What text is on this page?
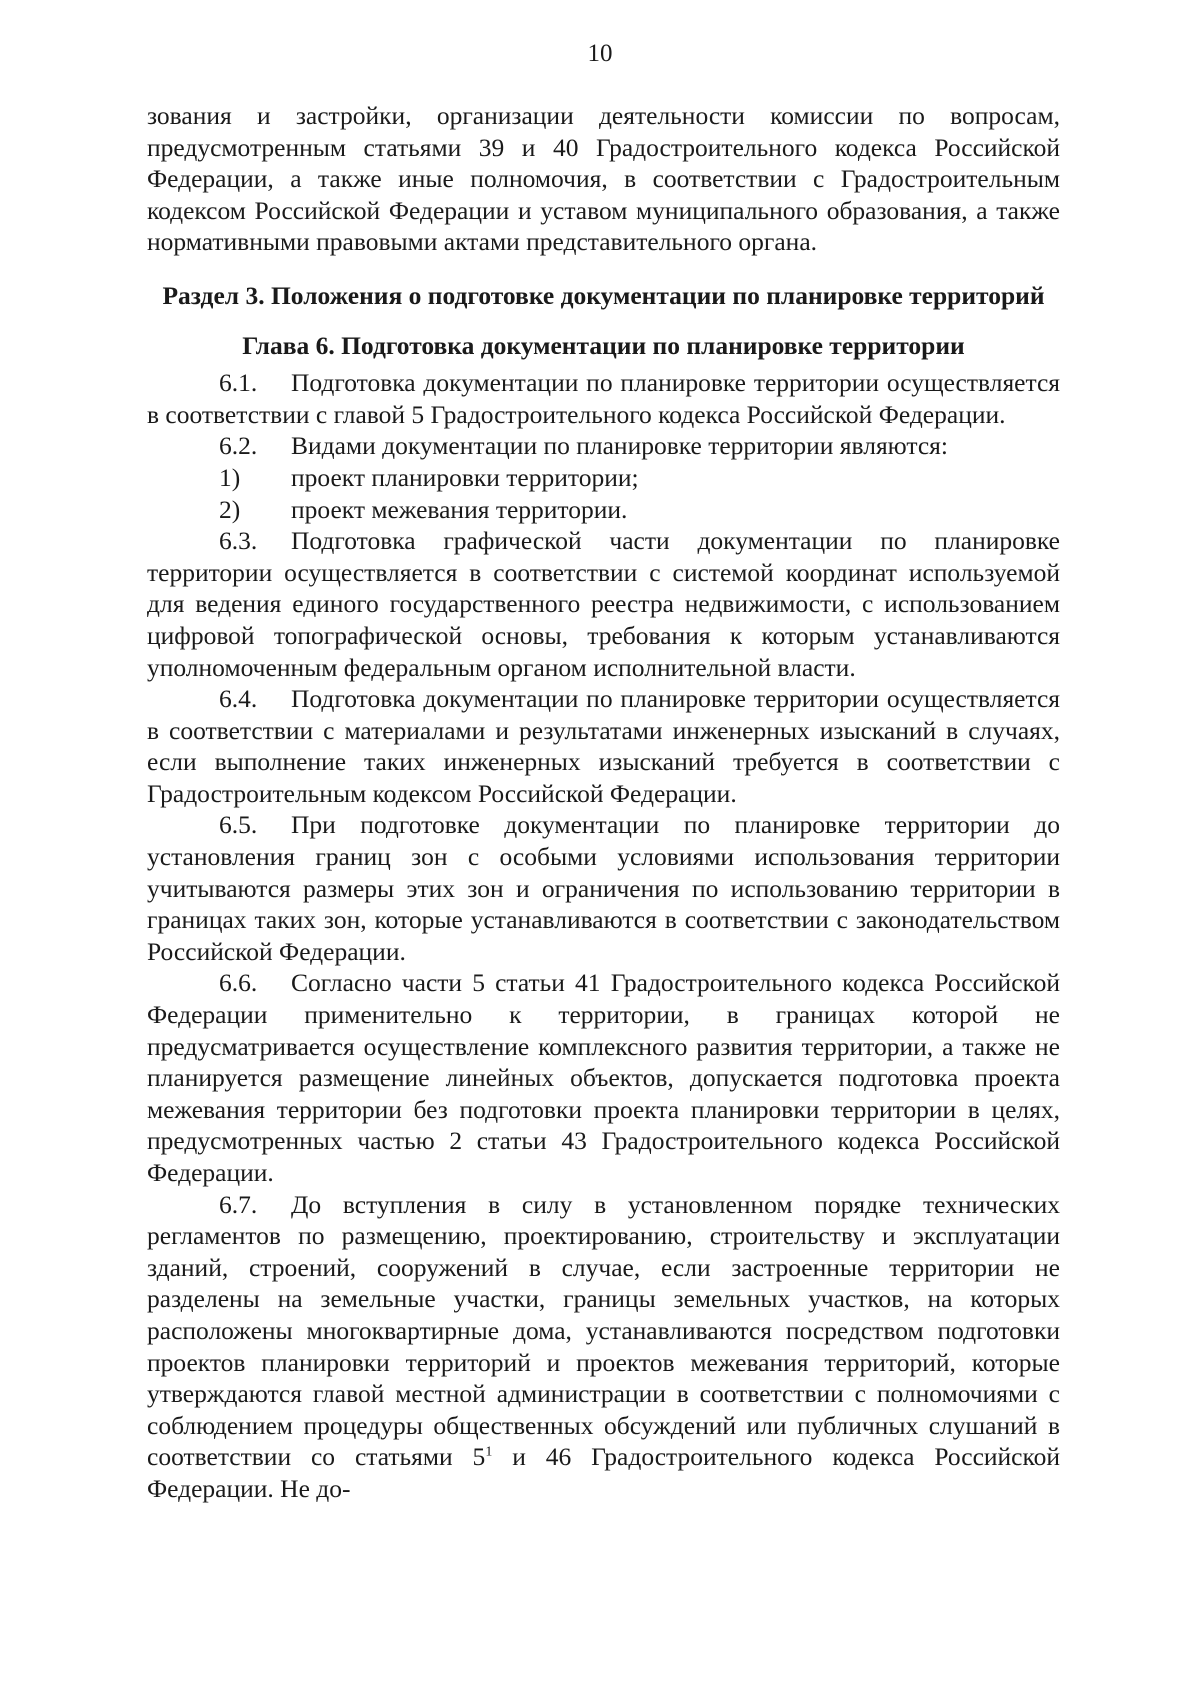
10

зования и застройки, организации деятельности комиссии по вопросам, предусмотренным статьями 39 и 40 Градостроительного кодекса Российской Федерации, а также иные полномочия, в соответствии с Градостроительным кодексом Российской Федерации и уставом муниципального образования, а также нормативными правовыми актами представительного органа.

Раздел 3. Положения о подготовке документации по планировке территорий
Глава 6. Подготовка документации по планировке территории

6.1. Подготовка документации по планировке территории осуществляется в соответствии с главой 5 Градостроительного кодекса Российской Федерации.

6.2. Видами документации по планировке территории являются:

1) проект планировки территории;

2) проект межевания территории.

6.3. Подготовка графической части документации по планировке территории осуществляется в соответствии с системой координат используемой для ведения единого государственного реестра недвижимости, с использованием цифровой топографической основы, требования к которым устанавливаются уполномоченным федеральным органом исполнительной власти.

6.4. Подготовка документации по планировке территории осуществляется в соответствии с материалами и результатами инженерных изысканий в случаях, если выполнение таких инженерных изысканий требуется в соответствии с Градостроительным кодексом Российской Федерации.

6.5. При подготовке документации по планировке территории до установления границ зон с особыми условиями использования территории учитываются размеры этих зон и ограничения по использованию территории в границах таких зон, которые устанавливаются в соответствии с законодательством Российской Федерации.

6.6. Согласно части 5 статьи 41 Градостроительного кодекса Российской Федерации применительно к территории, в границах которой не предусматривается осуществление комплексного развития территории, а также не планируется размещение линейных объектов, допускается подготовка проекта межевания территории без подготовки проекта планировки территории в целях, предусмотренных частью 2 статьи 43 Градостроительного кодекса Российской Федерации.

6.7. До вступления в силу в установленном порядке технических регламентов по размещению, проектированию, строительству и эксплуатации зданий, строений, сооружений в случае, если застроенные территории не разделены на земельные участки, границы земельных участков, на которых расположены многоквартирные дома, устанавливаются посредством подготовки проектов планировки территорий и проектов межевания территорий, которые утверждаются главой местной администрации в соответствии с полномочиями с соблюдением процедуры общественных обсуждений или публичных слушаний в соответствии со статьями $5^1$ и 46 Градостроительного кодекса Российской Федерации. Не до-
